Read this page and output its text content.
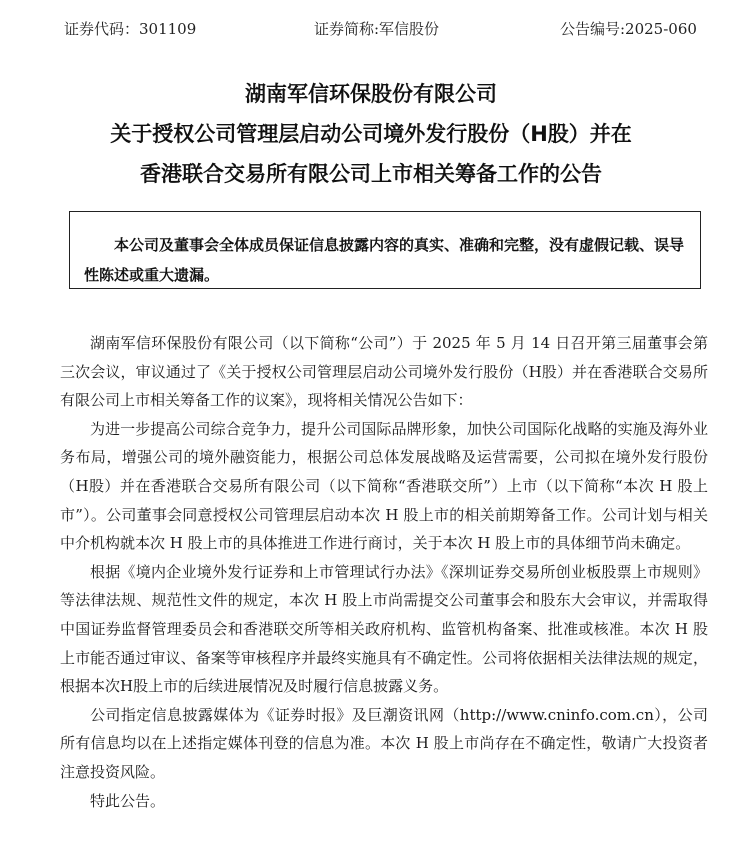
证券代码：301109	证券简称:军信股份	公告编号:2025-060
湖南军信环保股份有限公司
关于授权公司管理层启动公司境外发行股份（H股）并在
香港联合交易所有限公司上市相关筹备工作的公告
本公司及董事会全体成员保证信息披露内容的真实、准确和完整，没有虚假记载、误导性陈述或重大遗漏。

湖南军信环保股份有限公司（以下简称“公司”）于 2025 年 5 月 14 日召开第三届董事会第三次会议，审议通过了《关于授权公司管理层启动公司境外发行股份（H股）并在香港联合交易所有限公司上市相关筹备工作的议案》，现将相关情况公告如下：

为进一步提高公司综合竞争力，提升公司国际品牌形象，加快公司国际化战略的实施及海外业务布局，增强公司的境外融资能力，根据公司总体发展战略及运营需要，公司拟在境外发行股份（H股）并在香港联合交易所有限公司（以下简称“香港联交所”）上市（以下简称“本次 H 股上市”）。公司董事会同意授权公司管理层启动本次 H 股上市的相关前期筹备工作。公司计划与相关中介机构就本次 H 股上市的具体推进工作进行商讨，关于本次 H 股上市的具体细节尚未确定。

根据《境内企业境外发行证券和上市管理试行办法》《深圳证券交易所创业板股票上市规则》等法律法规、规范性文件的规定，本次 H 股上市尚需提交公司董事会和股东大会审议，并需取得中国证券监督管理委员会和香港联交所等相关政府机构、监管机构备案、批准或核准。本次 H 股上市能否通过审议、备案等审核程序并最终实施具有不确定性。公司将依据相关法律法规的规定，根据本次H股上市的后续进展情况及时履行信息披露义务。

公司指定信息披露媒体为《证券时报》及巨潮资讯网（http://www.cninfo.com.cn），公司所有信息均以在上述指定媒体刊登的信息为准。本次 H 股上市尚存在不确定性，敬请广大投资者注意投资风险。

特此公告。
